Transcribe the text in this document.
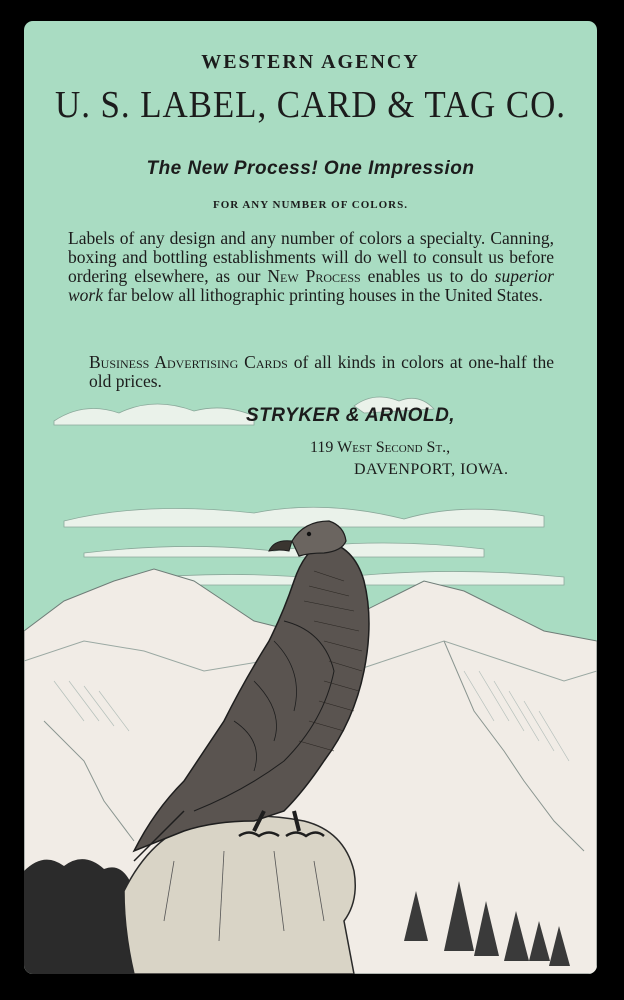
WESTERN AGENCY
U. S. LABEL, CARD & TAG CO.

The New Process! One Impression

FOR ANY NUMBER OF COLORS.

Labels of any design and any number of colors a specialty. Canning, boxing and bottling establishments will do well to consult us before ordering elsewhere, as our New Process enables us to do superior work far below all lithographic printing houses in the United States.

Business Advertising Cards of all kinds in colors at one-half the old prices.

STRYKER & ARNOLD,

119 West Second St.,

DAVENPORT, IOWA.
